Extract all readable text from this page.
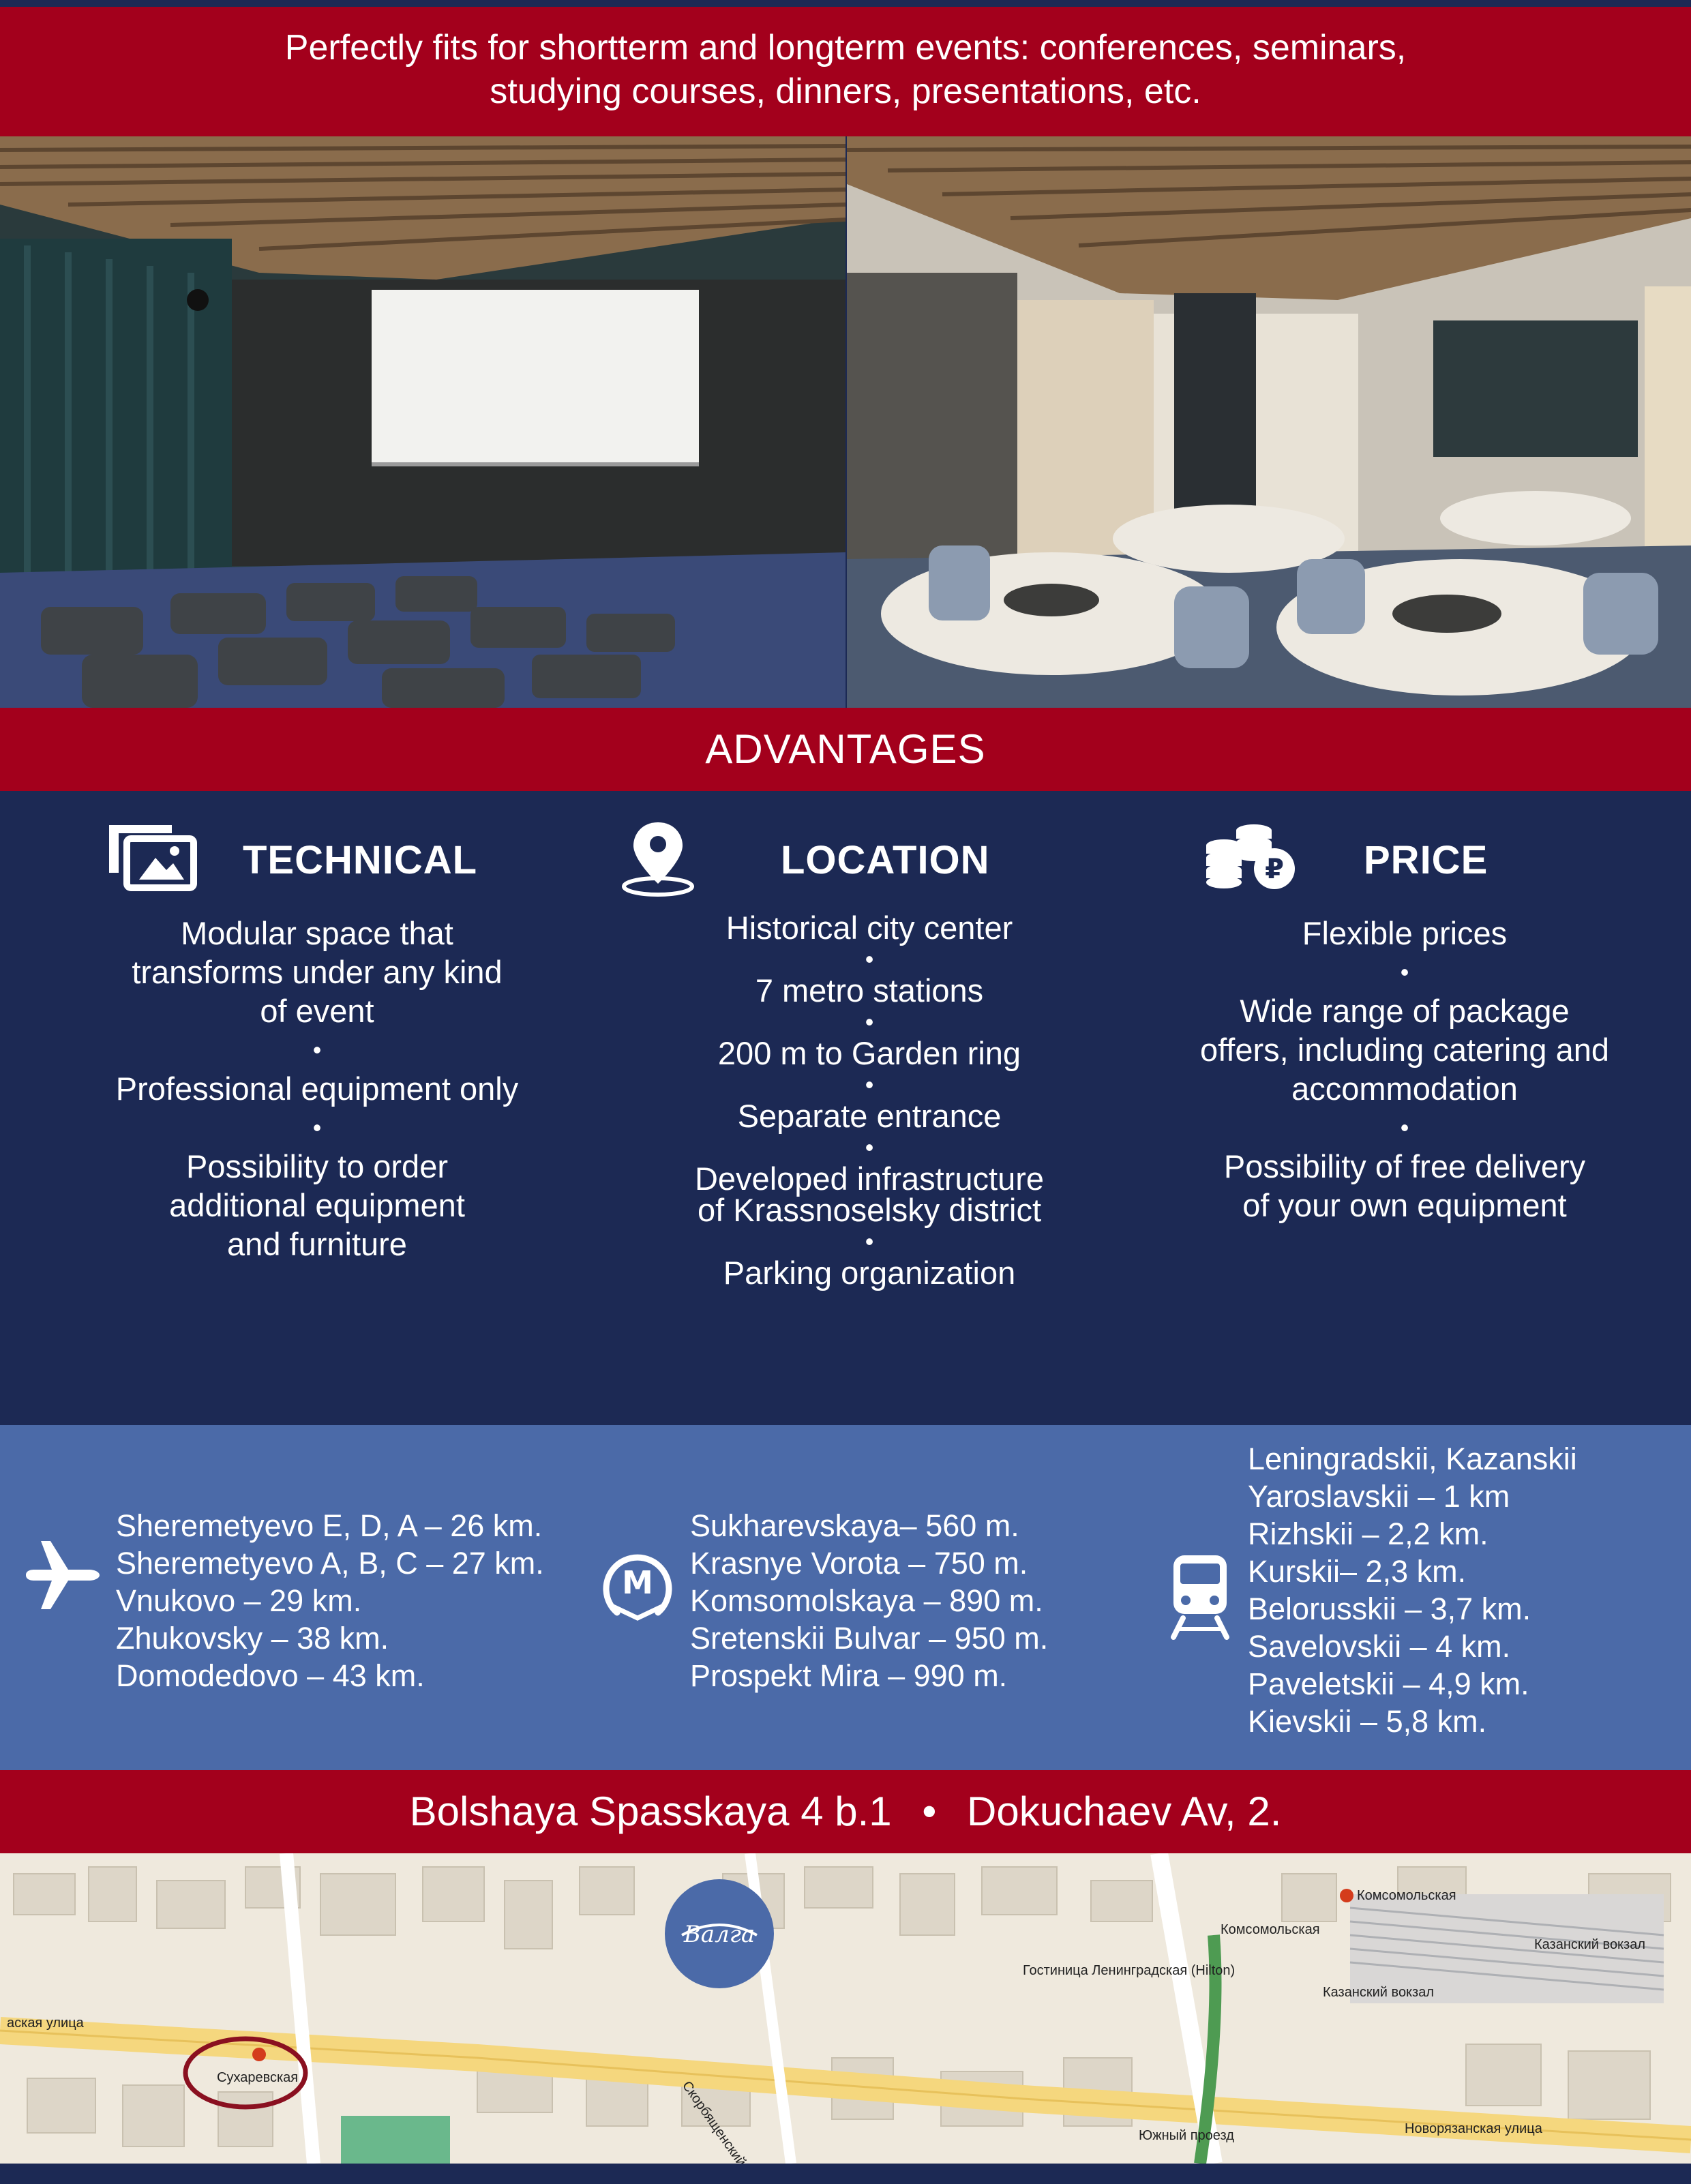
Perfectly fits for shortterm and longterm events: conferences, seminars,
studying courses, dinners, presentations, etc.
ADVANTAGES
TECHNICAL
Modular space that
transforms under any kind
of event
•
Professional equipment only
•
Possibility to order
additional equipment
and furniture
LOCATION
Historical city center
•
7 metro stations
•
200 m to Garden ring
•
Separate entrance
•
Developed infrastructure
of Krassnoselsky district
•
Parking organization
₽ PRICE
Flexible prices
•
Wide range of package
offers, including catering and
accommodation
•
Possibility of free delivery
of your own equipment
Sheremetyevo E, D, A – 26 km.
Sheremetyevo A, B, C – 27 km.
Vnukovo – 29 km.
Zhukovsky – 38 km.
Domodedovo – 43 km.
M
Sukharevskaya– 560 m.
Krasnye Vorota – 750 m.
Komsomolskaya – 890 m.
Sretenskii Bulvar – 950 m.
Prospekt Mira – 990 m.
Leningradskii, Kazanskii
Yaroslavskii – 1 km
Rizhskii – 2,2 km.
Kurskii– 2,3 km.
Belorusskii – 3,7 km.
Savelovskii – 4 km.
Paveletskii – 4,9 km.
Kievskii – 5,8 km.
Bolshaya Spasskaya 4 b.1 • Dokuchaev Av, 2.
Валга
Сухаревская
Комсомольская
Комсомольская
Гостиница Ленинградская (Hilton)
Казанский вокзал
Казанский вокзал
Новорязанская улица
Южный проезд
Скорбященский
аская улица
